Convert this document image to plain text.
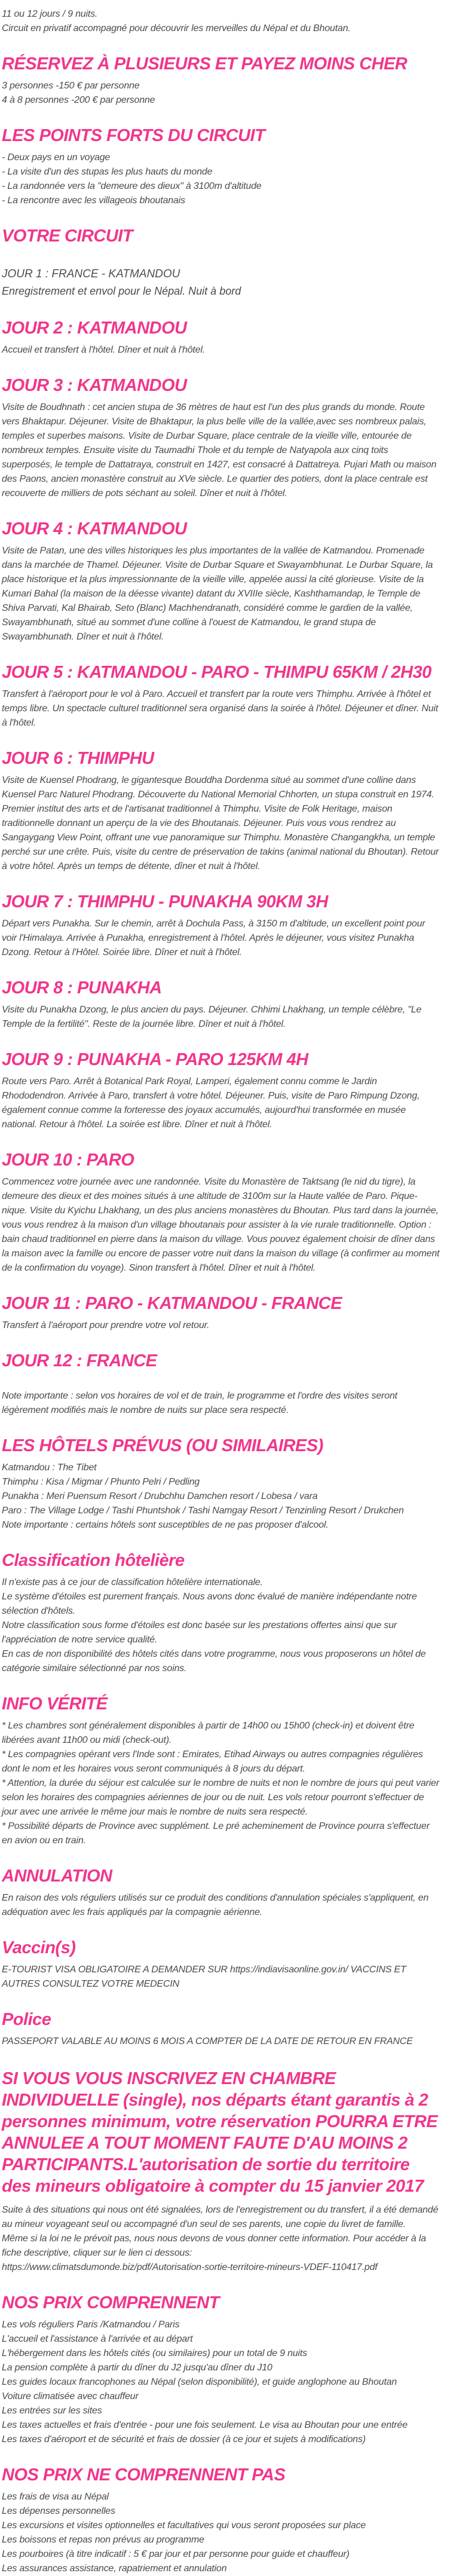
11 ou 12 jours / 9 nuits.

Circuit en privatif accompagné pour découvrir les merveilles du Népal et du Bhoutan.

RÉSERVEZ À PLUSIEURS ET PAYEZ MOINS CHER

3 personnes -150 € par personne

4 à 8 personnes -200 € par personne

LES POINTS FORTS DU CIRCUIT

- Deux pays en un voyage

- La visite d'un des stupas les plus hauts du monde

- La randonnée vers la "demeure des dieux" à 3100m d'altitude

- La rencontre avec les villageois bhoutanais

VOTRE CIRCUIT

JOUR 1 : FRANCE - KATMANDOU

Enregistrement et envol pour le Népal. Nuit à bord

JOUR 2 : KATMANDOU

Accueil et transfert à l'hôtel. Dîner et nuit à l'hôtel.

JOUR 3 : KATMANDOU

Visite de Boudhnath : cet ancien stupa de 36 mètres de haut est l'un des plus grands du monde. Route vers Bhaktapur. Déjeuner. Visite de Bhaktapur, la plus belle ville de la vallée,avec ses nombreux palais, temples et superbes maisons. Visite de Durbar Square, place centrale de la vieille ville, entourée de nombreux temples. Ensuite visite du Taumadhi Thole et du temple de Natyapola aux cinq toits superposés, le temple de Dattatraya, construit en 1427, est consacré à Dattatreya. Pujari Math ou maison des Paons, ancien monastère construit au XVe siècle. Le quartier des potiers, dont la place centrale est recouverte de milliers de pots séchant au soleil. Dîner et nuit à l'hôtel.

JOUR 4 : KATMANDOU

Visite de Patan, une des villes historiques les plus importantes de la vallée de Katmandou. Promenade dans la marchée de Thamel. Déjeuner. Visite de Durbar Square et Swayambhunat. Le Durbar Square, la place historique et la plus impressionnante de la vieille ville, appelée aussi la cité glorieuse. Visite de la Kumari Bahal (la maison de la déesse vivante) datant du XVIIIe siècle, Kashthamandap, le Temple de Shiva Parvati, Kal Bhairab, Seto (Blanc) Machhendranath, considéré comme le gardien de la vallée, Swayambhunath, situé au sommet d'une colline à l'ouest de Katmandou, le grand stupa de Swayambhunath. Dîner et nuit à l'hôtel.

JOUR 5 : KATMANDOU - PARO - THIMPU 65KM / 2H30

Transfert à l'aéroport pour le vol à Paro. Accueil et transfert par la route vers Thimphu. Arrivée à l'hôtel et temps libre. Un spectacle culturel traditionnel sera organisé dans la soirée à l'hôtel. Déjeuner et dîner. Nuit à l'hôtel.

JOUR 6 : THIMPHU

Visite de Kuensel Phodrang, le gigantesque Bouddha Dordenma situé au sommet d'une colline dans Kuensel Parc Naturel Phodrang. Découverte du National Memorial Chhorten, un stupa construit en 1974. Premier institut des arts et de l'artisanat traditionnel à Thimphu. Visite de Folk Heritage, maison traditionnelle donnant un aperçu de la vie des Bhoutanais. Déjeuner. Puis vous vous rendrez au Sangaygang View Point, offrant une vue panoramique sur Thimphu. Monastère Changangkha, un temple perché sur une crête. Puis, visite du centre de préservation de takins (animal national du Bhoutan). Retour à votre hôtel. Après un temps de détente, dîner et nuit à l'hôtel.

JOUR 7 : THIMPHU - PUNAKHA 90KM 3H

Départ vers Punakha. Sur le chemin, arrêt à Dochula Pass, à 3150 m d'altitude, un excellent point pour voir l'Himalaya. Arrivée à Punakha, enregistrement à l'hôtel. Après le déjeuner, vous visitez Punakha Dzong. Retour à l'Hôtel. Soirée libre. Dîner et nuit à l'hôtel.

JOUR 8 : PUNAKHA

Visite du Punakha Dzong, le plus ancien du pays. Déjeuner. Chhimi Lhakhang, un temple célèbre, "Le Temple de la fertilité". Reste de la journée libre. Dîner et nuit à l'hôtel.

JOUR 9 : PUNAKHA - PARO 125KM 4H

Route vers Paro. Arrêt à Botanical Park Royal, Lamperi, également connu comme le Jardin Rhododendron. Arrivée à Paro, transfert à votre hôtel. Déjeuner. Puis, visite de Paro Rimpung Dzong, également connue comme la forteresse des joyaux accumulés, aujourd'hui transformée en musée national. Retour à l'hôtel. La soirée est libre. Dîner et nuit à l'hôtel.

JOUR 10 : PARO

Commencez votre journée avec une randonnée. Visite du Monastère de Taktsang (le nid du tigre), la demeure des dieux et des moines situés à une altitude de 3100m sur la Haute vallée de Paro. Pique-nique. Visite du Kyichu Lhakhang, un des plus anciens monastères du Bhoutan. Plus tard dans la journée, vous vous rendrez à la maison d'un village bhoutanais pour assister à la vie rurale traditionnelle. Option : bain chaud traditionnel en pierre dans la maison du village. Vous pouvez également choisir de dîner dans la maison avec la famille ou encore de passer votre nuit dans la maison du village (à confirmer au moment de la confirmation du voyage). Sinon transfert à l'hôtel. Dîner et nuit à l'hôtel.

JOUR 11 : PARO - KATMANDOU - FRANCE

Transfert à l'aéroport pour prendre votre vol retour.

JOUR 12 : FRANCE

Note importante : selon vos horaires de vol et de train, le programme et l'ordre des visites seront légèrement modifiés mais le nombre de nuits sur place sera respecté.

LES HÔTELS PRÉVUS (OU SIMILAIRES)

Katmandou : The Tibet

Thimphu : Kisa / Migmar / Phunto Pelri / Pedling

Punakha : Meri Puensum Resort / Drubchhu Damchen resort / Lobesa / vara

Paro : The Village Lodge / Tashi Phuntshok / Tashi Namgay Resort / Tenzinling Resort / Drukchen

Note importante : certains hôtels sont susceptibles de ne pas proposer d'alcool.

Classification hôtelière

Il n'existe pas à ce jour de classification hôtelière internationale.

Le système d'étoiles est purement français. Nous avons donc évalué de manière indépendante notre sélection d'hôtels.

Notre classification sous forme d'étoiles est donc basée sur les prestations offertes ainsi que sur l'appréciation de notre service qualité.

En cas de non disponibilité des hôtels cités dans votre programme, nous vous proposerons un hôtel de catégorie similaire sélectionné par nos soins.

INFO VÉRITÉ

* Les chambres sont généralement disponibles à partir de 14h00 ou 15h00 (check-in) et doivent être libérées avant 11h00 ou midi (check-out).

* Les compagnies opérant vers l'Inde sont : Emirates, Etihad Airways ou autres compagnies régulières dont le nom et les horaires vous seront communiqués à 8 jours du départ.

* Attention, la durée du séjour est calculée sur le nombre de nuits et non le nombre de jours qui peut varier selon les horaires des compagnies aériennes de jour ou de nuit. Les vols retour pourront s'effectuer de jour avec une arrivée le même jour mais le nombre de nuits sera respecté.

* Possibilité départs de Province avec supplément. Le pré acheminement de Province pourra s'effectuer en avion ou en train.

ANNULATION

En raison des vols réguliers utilisés sur ce produit des conditions d'annulation spéciales s'appliquent, en adéquation avec les frais appliqués par la compagnie aérienne.

Vaccin(s)

E-TOURIST VISA OBLIGATOIRE A DEMANDER SUR https://indiavisaonline.gov.in/ VACCINS ET AUTRES CONSULTEZ VOTRE MEDECIN

Police

PASSEPORT VALABLE AU MOINS 6 MOIS A COMPTER DE LA DATE DE RETOUR EN FRANCE

SI VOUS VOUS INSCRIVEZ EN CHAMBRE INDIVIDUELLE (single), nos départs étant garantis à 2 personnes minimum, votre réservation POURRA ETRE ANNULEE A TOUT MOMENT FAUTE D'AU MOINS 2 PARTICIPANTS.L'autorisation de sortie du territoire des mineurs obligatoire à compter du 15 janvier 2017

Suite à des situations qui nous ont été signalées, lors de l'enregistrement ou du transfert, il a été demandé au mineur voyageant seul ou accompagné d'un seul de ses parents, une copie du livret de famille.

Même si la loi ne le prévoit pas, nous nous devons de vous donner cette information. Pour accéder à la fiche descriptive, cliquer sur le lien ci dessous:

https://www.climatsdumonde.biz/pdf/Autorisation-sortie-territoire-mineurs-VDEF-110417.pdf

NOS PRIX COMPRENNENT

Les vols réguliers Paris /Katmandou / Paris

L'accueil et l'assistance à l'arrivée et au départ

L'hébergement dans les hôtels cités (ou similaires) pour un total de 9 nuits

La pension complète à partir du dîner du J2 jusqu'au dîner du J10

Les guides locaux francophones au Népal (selon disponibilité), et guide anglophone au Bhoutan

Voiture climatisée avec chauffeur

Les entrées sur les sites

Les taxes actuelles et frais d'entrée - pour une fois seulement. Le visa au Bhoutan pour une entrée

Les taxes d'aéroport et de sécurité et frais de dossier (à ce jour et sujets à modifications)

NOS PRIX NE COMPRENNENT PAS

Les frais de visa au Népal

Les dépenses personnelles

Les excursions et visites optionnelles et facultatives qui vous seront proposées sur place

Les boissons et repas non prévus au programme

Les pourboires (à titre indicatif : 5 € par jour et par personne pour guide et chauffeur)

Les assurances assistance, rapatriement et annulation
